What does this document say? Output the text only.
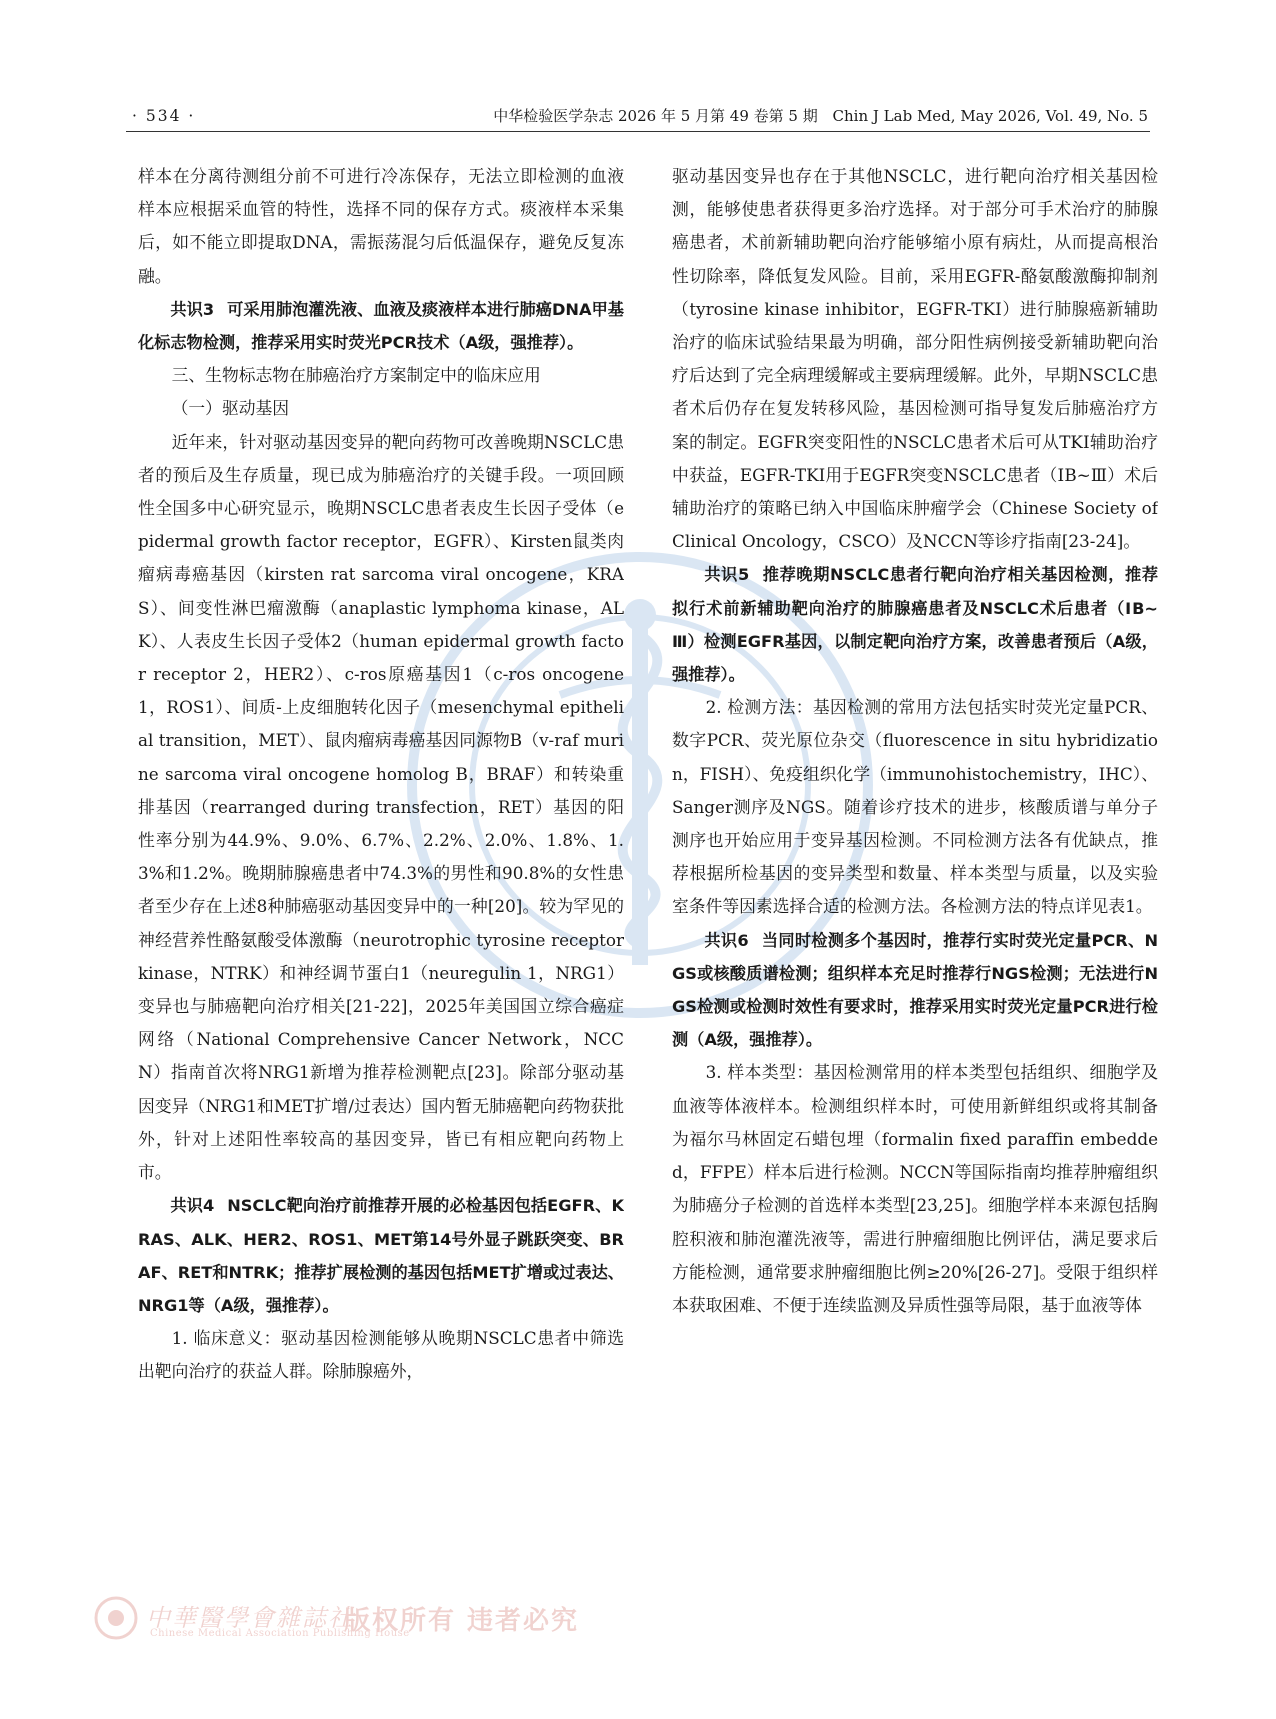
· 534 ·	中华检验医学杂志 2026 年 5 月第 49 卷第 5 期 Chin J Lab Med, May 2026, Vol. 49, No. 5

样本在分离待测组分前不可进行冷冻保存，无法立即检测的血液样本应根据采血管的特性，选择不同的保存方式。痰液样本采集后，如不能立即提取DNA，需振荡混匀后低温保存，避免反复冻融。

共识3 可采用肺泡灌洗液、血液及痰液样本进行肺癌DNA甲基化标志物检测，推荐采用实时荧光PCR技术（A级，强推荐）。

三、生物标志物在肺癌治疗方案制定中的临床应用

（一）驱动基因

近年来，针对驱动基因变异的靶向药物可改善晚期NSCLC患者的预后及生存质量，现已成为肺癌治疗的关键手段。一项回顾性全国多中心研究显示，晚期NSCLC患者表皮生长因子受体（epidermal growth factor receptor，EGFR）、Kirsten鼠类肉瘤病毒癌基因（kirsten rat sarcoma viral oncogene，KRAS）、间变性淋巴瘤激酶（anaplastic lymphoma kinase，ALK）、人表皮生长因子受体2（human epidermal growth factor receptor 2，HER2）、c-ros原癌基因1（c-ros oncogene 1，ROS1）、间质-上皮细胞转化因子（mesenchymal epithelial transition，MET）、鼠肉瘤病毒癌基因同源物B（v-raf murine sarcoma viral oncogene homolog B，BRAF）和转染重排基因（rearranged during transfection，RET）基因的阳性率分别为44.9%、9.0%、6.7%、2.2%、2.0%、1.8%、1.3%和1.2%。晚期肺腺癌患者中74.3%的男性和90.8%的女性患者至少存在上述8种肺癌驱动基因变异中的一种[20]。较为罕见的神经营养性酪氨酸受体激酶（neurotrophic tyrosine receptor kinase，NTRK）和神经调节蛋白1（neuregulin 1，NRG1）变异也与肺癌靶向治疗相关[21-22]，2025年美国国立综合癌症网络（National Comprehensive Cancer Network，NCCN）指南首次将NRG1新增为推荐检测靶点[23]。除部分驱动基因变异（NRG1和MET扩增/过表达）国内暂无肺癌靶向药物获批外，针对上述阳性率较高的基因变异，皆已有相应靶向药物上市。

共识4 NSCLC靶向治疗前推荐开展的必检基因包括EGFR、KRAS、ALK、HER2、ROS1、MET第14号外显子跳跃突变、BRAF、RET和NTRK；推荐扩展检测的基因包括MET扩增或过表达、NRG1等（A级，强推荐）。

1. 临床意义：驱动基因检测能够从晚期NSCLC患者中筛选出靶向治疗的获益人群。除肺腺癌外，

驱动基因变异也存在于其他NSCLC，进行靶向治疗相关基因检测，能够使患者获得更多治疗选择。对于部分可手术治疗的肺腺癌患者，术前新辅助靶向治疗能够缩小原有病灶，从而提高根治性切除率，降低复发风险。目前，采用EGFR-酪氨酸激酶抑制剂（tyrosine kinase inhibitor，EGFR-TKI）进行肺腺癌新辅助治疗的临床试验结果最为明确，部分阳性病例接受新辅助靶向治疗后达到了完全病理缓解或主要病理缓解。此外，早期NSCLC患者术后仍存在复发转移风险，基因检测可指导复发后肺癌治疗方案的制定。EGFR突变阳性的NSCLC患者术后可从TKI辅助治疗中获益，EGFR-TKI用于EGFR突变NSCLC患者（ⅠB~Ⅲ）术后辅助治疗的策略已纳入中国临床肿瘤学会（Chinese Society of Clinical Oncology，CSCO）及NCCN等诊疗指南[23-24]。

共识5 推荐晚期NSCLC患者行靶向治疗相关基因检测，推荐拟行术前新辅助靶向治疗的肺腺癌患者及NSCLC术后患者（ⅠB~Ⅲ）检测EGFR基因，以制定靶向治疗方案，改善患者预后（A级，强推荐）。

2. 检测方法：基因检测的常用方法包括实时荧光定量PCR、数字PCR、荧光原位杂交（fluorescence in situ hybridization，FISH）、免疫组织化学（immunohistochemistry，IHC）、Sanger测序及NGS。随着诊疗技术的进步，核酸质谱与单分子测序也开始应用于变异基因检测。不同检测方法各有优缺点，推荐根据所检基因的变异类型和数量、样本类型与质量，以及实验室条件等因素选择合适的检测方法。各检测方法的特点详见表1。

共识6 当同时检测多个基因时，推荐行实时荧光定量PCR、NGS或核酸质谱检测；组织样本充足时推荐行NGS检测；无法进行NGS检测或检测时效性有要求时，推荐采用实时荧光定量PCR进行检测（A级，强推荐）。

3. 样本类型：基因检测常用的样本类型包括组织、细胞学及血液等体液样本。检测组织样本时，可使用新鲜组织或将其制备为福尔马林固定石蜡包埋（formalin fixed paraffin embedded，FFPE）样本后进行检测。NCCN等国际指南均推荐肿瘤组织为肺癌分子检测的首选样本类型[23,25]。细胞学样本来源包括胸腔积液和肺泡灌洗液等，需进行肿瘤细胞比例评估，满足要求后方能检测，通常要求肿瘤细胞比例≥20%[26-27]。受限于组织样本获取困难、不便于连续监测及异质性强等局限，基于血液等体

中華醫學會雜誌社
Chinese Medical Association Publishing House
版权所有 违者必究
